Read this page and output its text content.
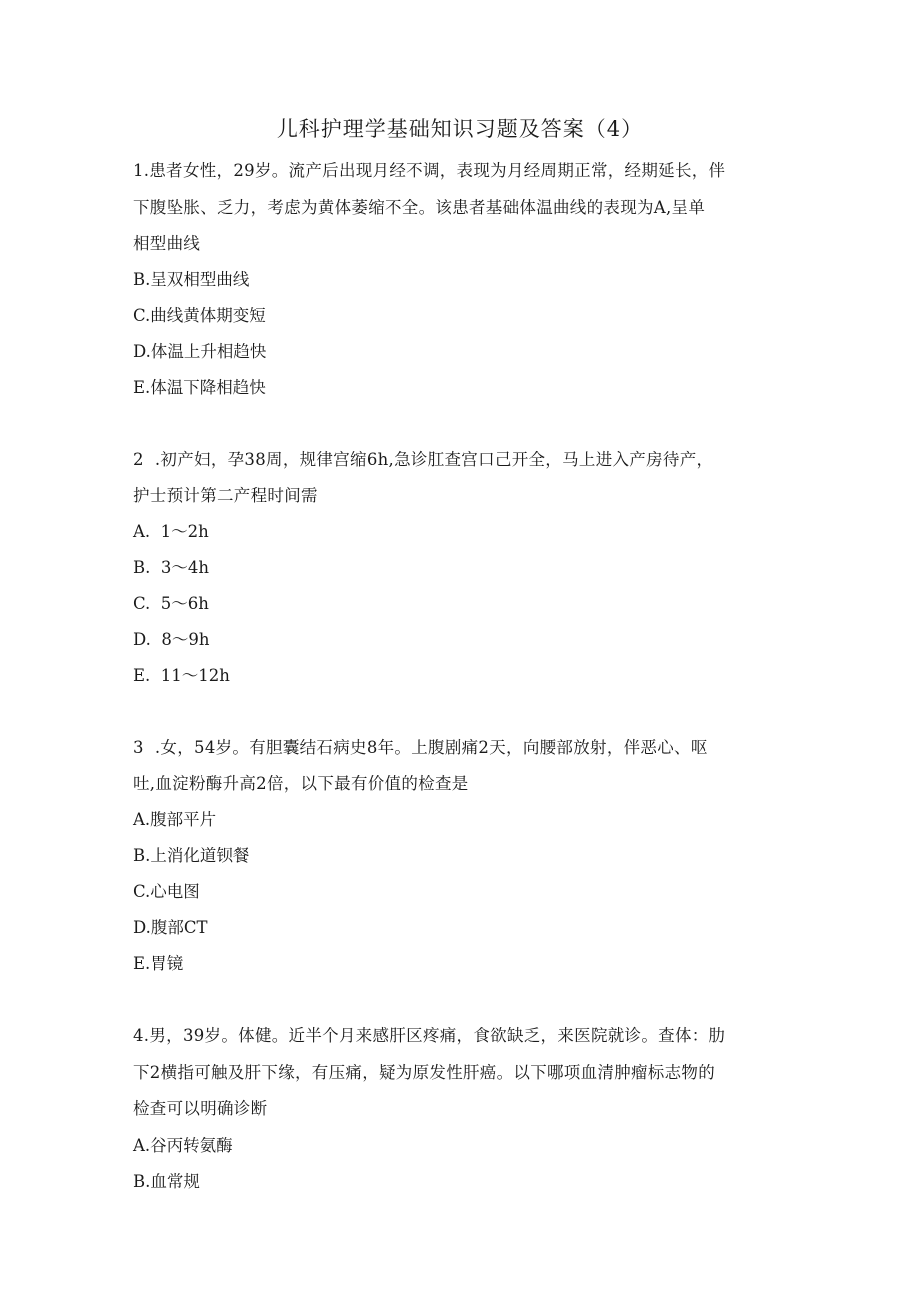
儿科护理学基础知识习题及答案（4）
1.患者女性，29岁。流产后出现月经不调，表现为月经周期正常，经期延长，伴
下腹坠胀、乏力，考虑为黄体萎缩不全。该患者基础体温曲线的表现为A,呈单
相型曲线
B.呈双相型曲线
C.曲线黄体期变短
D.体温上升相趋快
E.体温下降相趋快
2  .初产妇，孕38周，规律宫缩6h,急诊肛查宫口己开全，马上进入产房待产，
护士预计第二产程时间需
A.  1～2h
B.  3～4h
C.  5～6h
D.  8～9h
E.  11～12h
3  .女，54岁。有胆囊结石病史8年。上腹剧痛2天，向腰部放射，伴恶心、呕
吐,血淀粉酶升高2倍，以下最有价值的检查是
A.腹部平片
B.上消化道钡餐
C.心电图
D.腹部CT
E.胃镜
4.男，39岁。体健。近半个月来感肝区疼痛，食欲缺乏，来医院就诊。查体：肋
下2横指可触及肝下缘，有压痛，疑为原发性肝癌。以下哪项血清肿瘤标志物的
检查可以明确诊断
A.谷丙转氨酶
B.血常规
